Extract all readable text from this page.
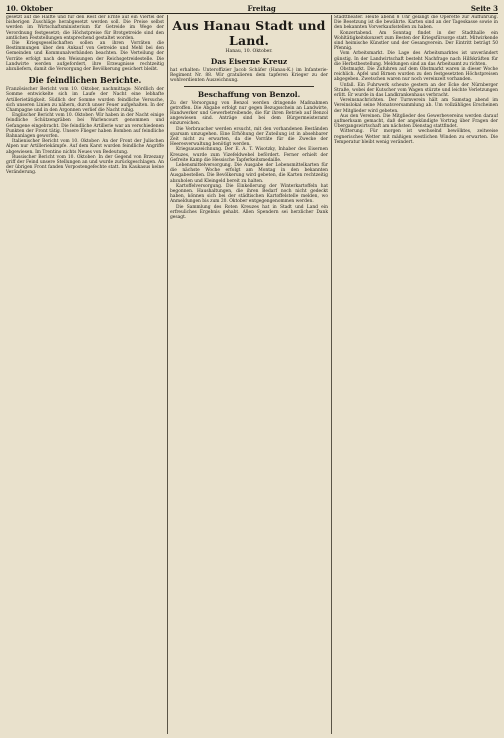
10. Oktober	Freitag	Seite 3

gesetzt auf die Hälfte und für den Rest der Ernte auf ein Viertel der bisherigen Zuschläge herabgesetzt werden soll. Die Preise selbst werden im Wirtschaftsministerium für Getreide im Wege der Verordnung festgesetzt; die Höchstpreise für Brotgetreide sind den amtlichen Feststellungen entsprechend gestaltet worden.

Die Kriegsgesellschaften sollen an ihren Vorräten die Bestimmungen über den Ankauf von Getreide und Mehl bei den Gemeinden und Kommunalverbänden beachten. Die Verteilung der Vorräte erfolgt nach den Weisungen der Reichsgetreidestelle. Die Landwirte werden aufgefordert, ihre Erzeugnisse rechtzeitig abzuliefern, damit die Versorgung der Bevölkerung gesichert bleibt.

Die feindlichen Berichte.

Französischer Bericht vom 10. Oktober, nachmittags: Nördlich der Somme entwickelte sich im Laufe der Nacht eine lebhafte Artillerietätigkeit. Südlich der Somme wurden feindliche Versuche, sich unseren Linien zu nähern, durch unser Feuer aufgehalten. In der Champagne und in den Argonnen verlief die Nacht ruhig.

Englischer Bericht vom 10. Oktober: Wir haben in der Nacht einige feindliche Schützengräben bei Warlencourt genommen und Gefangene eingebracht. Die feindliche Artillerie war an verschiedenen Punkten der Front tätig. Unsere Flieger haben Bomben auf feindliche Bahnanlagen geworfen.

Italienischer Bericht vom 10. Oktober: An der Front der Julischen Alpen nur Artilleriekämpfe. Auf dem Karst wurden feindliche Angriffe abgewiesen. Im Trentino nichts Neues von Bedeutung.

Russischer Bericht vom 10. Oktober: In der Gegend von Brzezany griff der Feind unsere Stellungen an und wurde zurückgeschlagen. An der übrigen Front fanden Vorpostengefechte statt. Im Kaukasus keine Veränderung.

Aus Hanau Stadt und Land.
Hanau, 10. Oktober.
Das Eiserne Kreuz

hat erhalten: Unteroffizier Jacob Schäfer (Hanau-K.) im Infanterie-Regiment Nr. 88. Wir gratulieren dem tapferen Krieger zu der wohlverdienten Auszeichnung.

Beschaffung von Benzol.

Zu der Versorgung von Benzol werden dringende Maßnahmen getroffen. Die Abgabe erfolgt nur gegen Bezugsschein an Landwirte, Handwerker und Gewerbetreibende, die für ihren Betrieb auf Benzol angewiesen sind. Anträge sind bei dem Bürgermeisteramt einzureichen.

Die Verbraucher werden ersucht, mit den vorhandenen Beständen sparsam umzugehen. Eine Erhöhung der Zuteilung ist in absehbarer Zeit nicht zu erwarten, da die Vorräte für die Zwecke der Heeresverwaltung benötigt werden.

Kriegsauszeichnung. Der E. A. T. Wisotzky, Inhaber des Eisernen Kreuzes, wurde zum Vizefeldwebel befördert. Ferner erhielt der Gefreite Kamp die Hessische Tapferkeitsmedaille.

Lebensmittelversorgung. Die Ausgabe der Lebensmittelkarten für die nächste Woche erfolgt am Montag in den bekannten Ausgabestellen. Die Bevölkerung wird gebeten, die Karten rechtzeitig abzuholen und Kleingeld bereit zu halten.

Kartoffelversorgung. Die Einkellerung der Winterkartoffeln hat begonnen. Haushaltungen, die ihren Bedarf noch nicht gedeckt haben, können sich bei der städtischen Kartoffelstelle melden, wo Anmeldungen bis zum 20. Oktober entgegengenommen werden.

Die Sammlung des Roten Kreuzes hat in Stadt und Land ein erfreuliches Ergebnis gehabt. Allen Spendern sei herzlicher Dank gesagt.

Stadttheater. Heute abend 8 Uhr gelangt die Operette zur Aufführung. Die Besetzung ist die bewährte. Karten sind an der Tageskasse sowie in den bekannten Vorverkaufsstellen zu haben.

Konzertabend. Am Sonntag findet in der Stadthalle ein Wohltätigkeitskonzert zum Besten der Kriegsfürsorge statt. Mitwirkende sind heimische Künstler und der Gesangverein. Der Eintritt beträgt 50 Pfennig.

Vom Arbeitsmarkt. Die Lage des Arbeitsmarktes ist unverändert günstig. In der Landwirtschaft besteht Nachfrage nach Hilfskräften für die Herbstbestellung. Meldungen sind an das Arbeitsamt zu richten.

Obstmarkt. Die Zufuhren auf dem Obstmarkt waren in dieser Woche reichlich. Äpfel und Birnen wurden zu den festgesetzten Höchstpreisen abgegeben. Zwetschen waren nur noch vereinzelt vorhanden.

Unfall. Ein Fuhrwerk scheute gestern an der Ecke der Nürnberger Straße, wobei der Kutscher vom Wagen stürzte und leichte Verletzungen erlitt. Er wurde in das Landkrankenhaus verbracht.

Vereinsnachrichten. Der Turnverein hält am Samstag abend im Vereinslokal seine Monatsversammlung ab. Um vollzähliges Erscheinen der Mitglieder wird gebeten.

Aus den Vereinen. Die Mitglieder des Gewerbevereins werden darauf aufmerksam gemacht, daß der angekündigte Vortrag über Fragen der Übergangswirtschaft am nächsten Dienstag stattfindet.

Witterung. Für morgen ist wechselnd bewölktes, zeitweise regnerisches Wetter mit mäßigen westlichen Winden zu erwarten. Die Temperatur bleibt wenig verändert.
